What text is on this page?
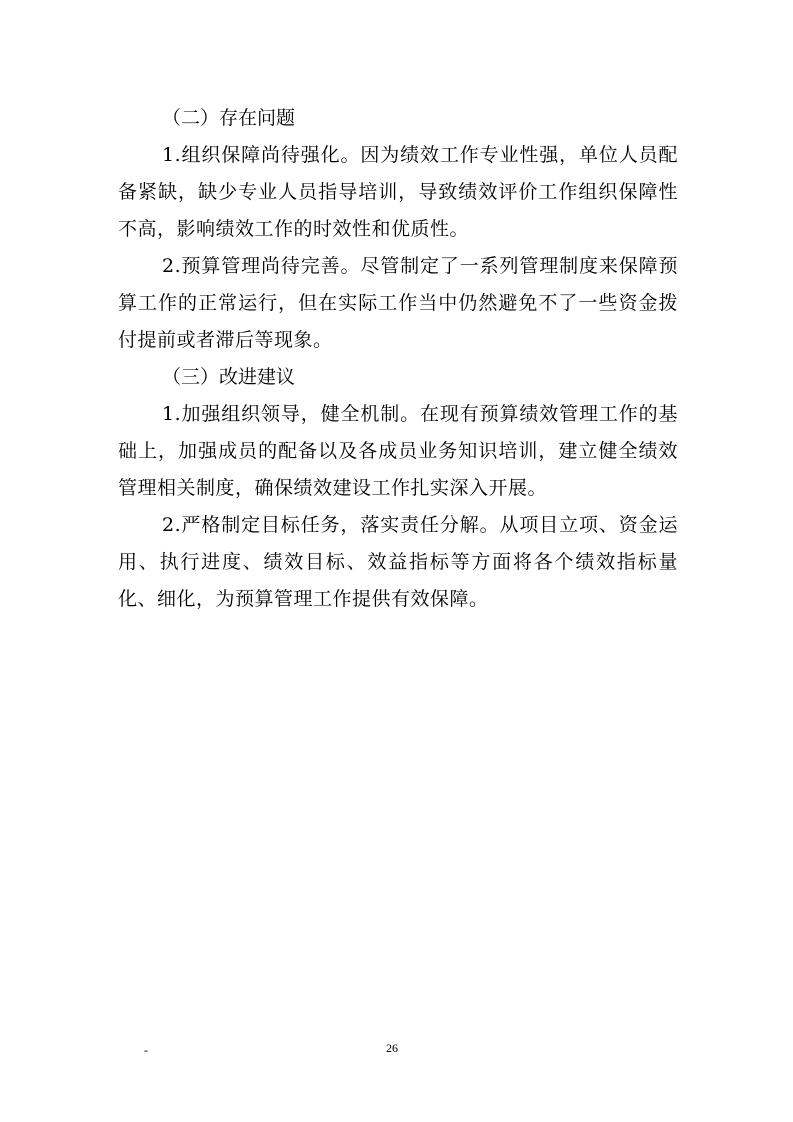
（二）存在问题

1.组织保障尚待强化。因为绩效工作专业性强，单位人员配备紧缺，缺少专业人员指导培训，导致绩效评价工作组织保障性不高，影响绩效工作的时效性和优质性。

2.预算管理尚待完善。尽管制定了一系列管理制度来保障预算工作的正常运行，但在实际工作当中仍然避免不了一些资金拨付提前或者滞后等现象。

（三）改进建议

1.加强组织领导，健全机制。在现有预算绩效管理工作的基础上，加强成员的配备以及各成员业务知识培训，建立健全绩效管理相关制度，确保绩效建设工作扎实深入开展。

2.严格制定目标任务，落实责任分解。从项目立项、资金运用、执行进度、绩效目标、效益指标等方面将各个绩效指标量化、细化，为预算管理工作提供有效保障。

-	26
